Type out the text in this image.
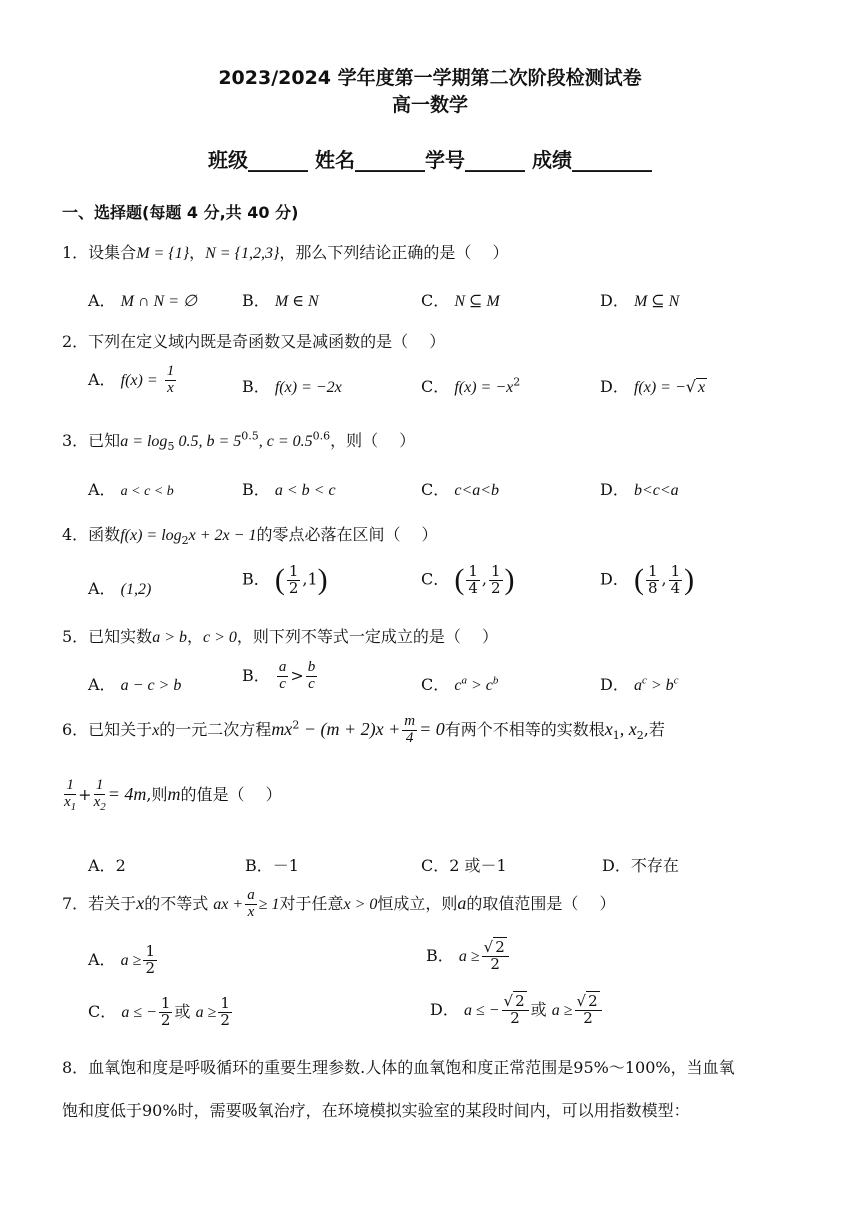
2023/2024 学年度第一学期第二次阶段检测试卷
高一数学
班级______ 姓名_______学号______ 成绩________
一、选择题(每题 4 分,共 40 分)
1．设集合M = {1}，N = {1,2,3}，那么下列结论正确的是（　 ）
A． M ∩ N = ∅	B． M ∈ N	C． N ⊆ M	D． M ⊆ N
2．下列在定义域内既是奇函数又是减函数的是（　 ）
A． $f(x) = \frac{1}{x}$	B． f(x) = −2x	C． $f(x) = -x^2$	D． f(x) = −√ x
3．已知$a = \log_5 0.5$, $b = 5^{0.5}$, $c = 0.5^{0.6}$，则（　 ）
A． a < c < b	B． a < b < c	C． c<a<b	D． b<c<a
4．函数$f(x) = \log_2x + 2x - 1$的零点必落在区间（　 ）
A． (1,2)
B． ( $\frac{1}{2} ,1$)	C． ( $\frac{1}{4}$ , $\frac{1}{2}$ )	D． ( $\frac{1}{8}$ , $\frac{1}{4}$ )
5．已知实数a > b，c > 0，则下列不等式一定成立的是（　 ）
A． a − c > b
B． $\frac{a}{c} > \frac{b}{c}$	C． $c^a > c^b$	D． $a^c > b^c$
6．已知关于x的一元二次方程$mx^2 - (m + 2)x + \frac{m}{4} = 0$有两个不相等的实数根$x_1$, $x_2$,若
$\frac{1}{x_1} + \frac{1}{x_2} = 4m$,则m的值是（　 ）
A．2	B．－1	C．2 或－1	D．不存在
7．若关于x的不等式 ax + $\frac{a}{x} \ge 1$对于任意x > 0恒成立，则a的取值范围是（　 ）
A． $a \ge \frac{1}{2}$	B． $a \ge \frac{√ 2}{2}$
C． a ≤ − $\frac{1}{2}$ 或 $a \ge \frac{1}{2}$	D． a ≤ − $\frac{√ 2}{2}$ 或 $a \ge \frac{√ 2}{2}$
8．血氧饱和度是呼吸循环的重要生理参数.人体的血氧饱和度正常范围是95%～100%，当血氧
饱和度低于90%时，需要吸氧治疗，在环境模拟实验室的某段时间内，可以用指数模型：
